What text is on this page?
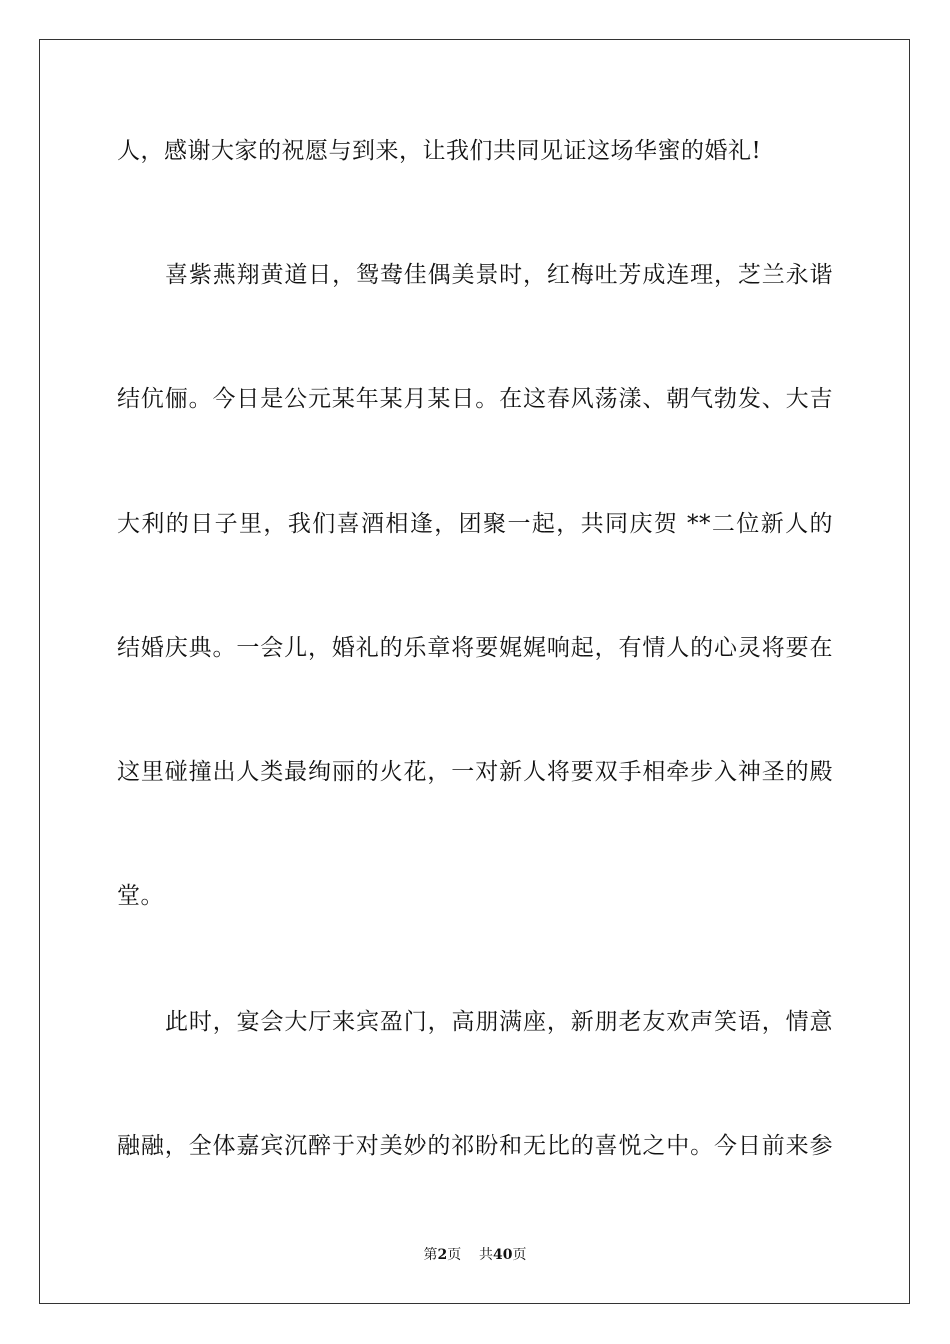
人，感谢大家的祝愿与到来，让我们共同见证这场华蜜的婚礼!
喜紫燕翔黄道日，鸳鸯佳偶美景时，红梅吐芳成连理，芝兰永谐
结伉俪。今日是公元某年某月某日。在这春风荡漾、朝气勃发、大吉
大利的日子里，我们喜酒相逢，团聚一起，共同庆贺 **二位新人的
结婚庆典。一会儿，婚礼的乐章将要娓娓响起，有情人的心灵将要在
这里碰撞出人类最绚丽的火花，一对新人将要双手相牵步入神圣的殿
堂。
此时，宴会大厅来宾盈门，高朋满座，新朋老友欢声笑语，情意
融融，全体嘉宾沉醉于对美妙的祁盼和无比的喜悦之中。今日前来参
第2页 共40页
